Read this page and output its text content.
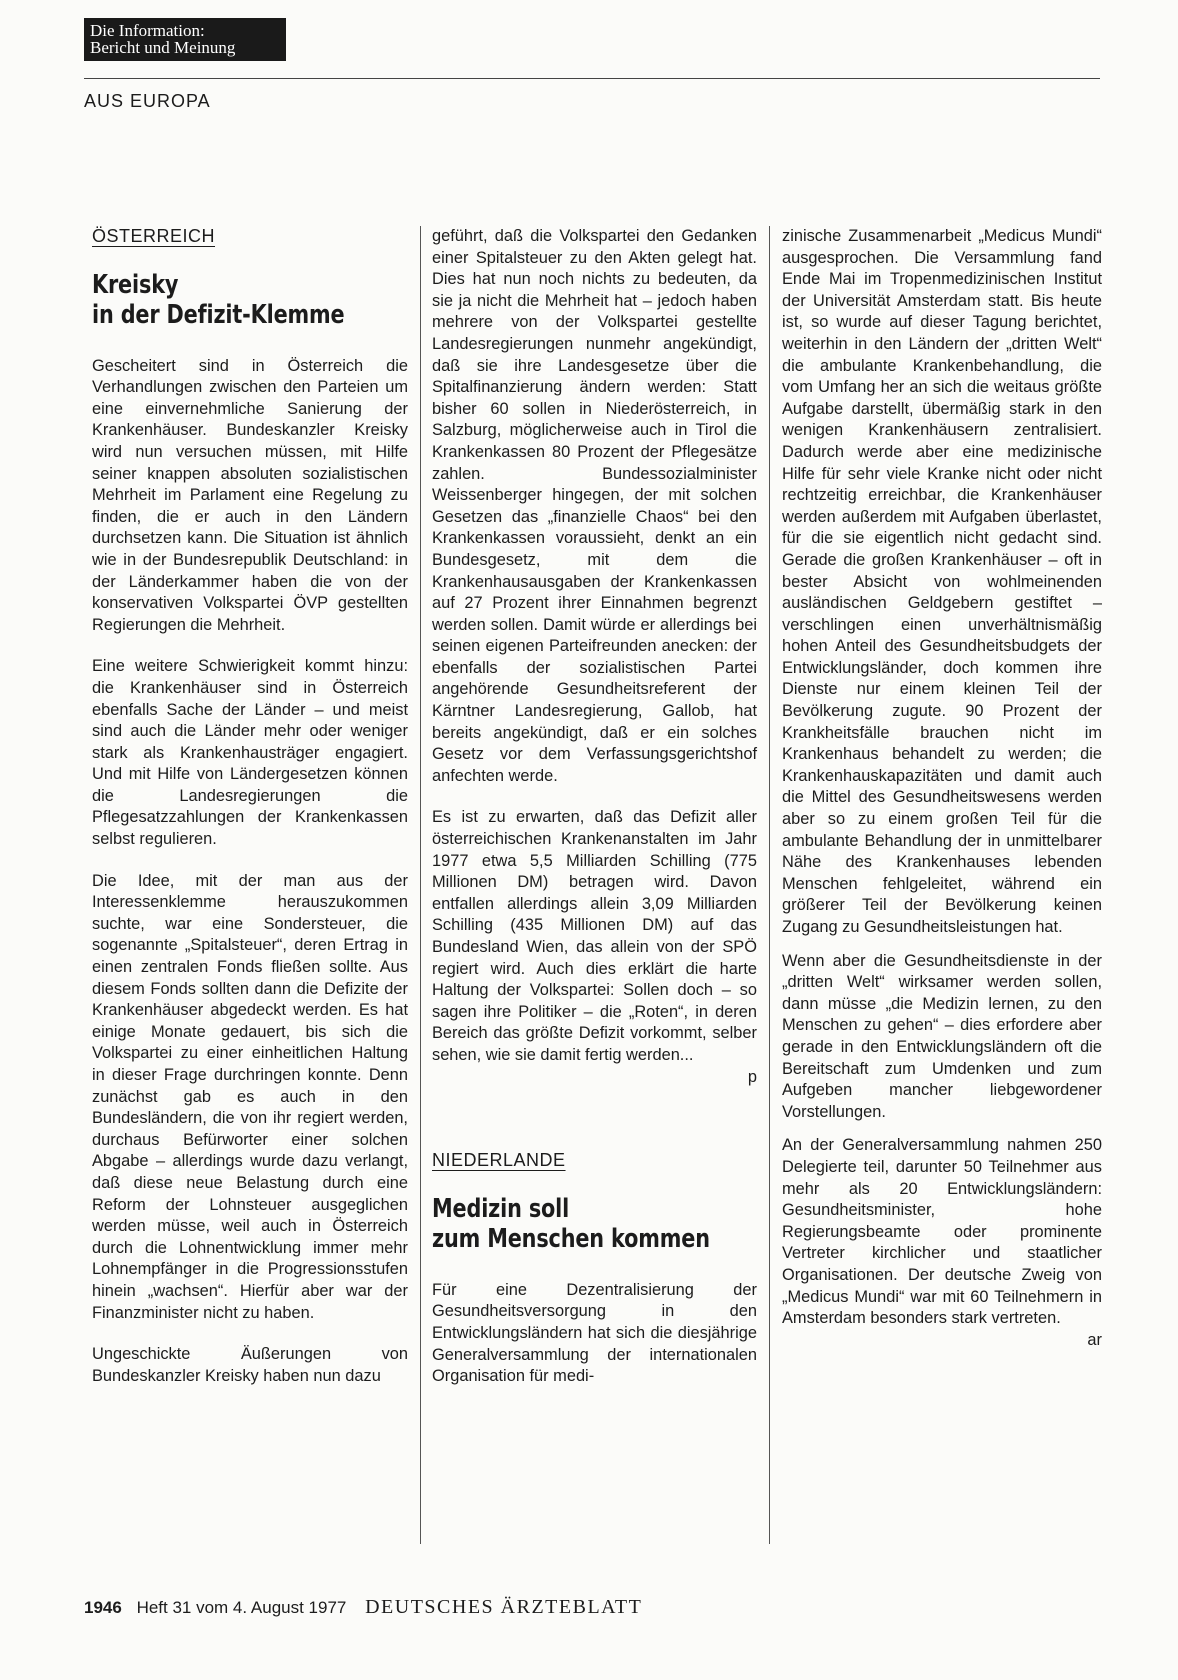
Die Information:
Bericht und Meinung
AUS EUROPA
ÖSTERREICH
Kreisky
in der Defizit-Klemme

Gescheitert sind in Österreich die Verhandlungen zwischen den Parteien um eine einvernehmliche Sanierung der Krankenhäuser. Bundeskanzler Kreisky wird nun versuchen müssen, mit Hilfe seiner knappen absoluten sozialistischen Mehrheit im Parlament eine Regelung zu finden, die er auch in den Ländern durchsetzen kann. Die Situation ist ähnlich wie in der Bundesrepublik Deutschland: in der Länderkammer haben die von der konservativen Volkspartei ÖVP gestellten Regierungen die Mehrheit.

Eine weitere Schwierigkeit kommt hinzu: die Krankenhäuser sind in Österreich ebenfalls Sache der Länder – und meist sind auch die Länder mehr oder weniger stark als Krankenhausträger engagiert. Und mit Hilfe von Ländergesetzen können die Landesregierungen die Pflegesatzzahlungen der Krankenkassen selbst regulieren.

Die Idee, mit der man aus der Interessenklemme herauszukommen suchte, war eine Sondersteuer, die sogenannte „Spitalsteuer“, deren Ertrag in einen zentralen Fonds fließen sollte. Aus diesem Fonds sollten dann die Defizite der Krankenhäuser abgedeckt werden. Es hat einige Monate gedauert, bis sich die Volkspartei zu einer einheitlichen Haltung in dieser Frage durchringen konnte. Denn zunächst gab es auch in den Bundesländern, die von ihr regiert werden, durchaus Befürworter einer solchen Abgabe – allerdings wurde dazu verlangt, daß diese neue Belastung durch eine Reform der Lohnsteuer ausgeglichen werden müsse, weil auch in Österreich durch die Lohnentwicklung immer mehr Lohnempfänger in die Progressionsstufen hinein „wachsen“. Hierfür aber war der Finanzminister nicht zu haben.

Ungeschickte Äußerungen von Bundeskanzler Kreisky haben nun dazu

geführt, daß die Volkspartei den Gedanken einer Spitalsteuer zu den Akten gelegt hat. Dies hat nun noch nichts zu bedeuten, da sie ja nicht die Mehrheit hat – jedoch haben mehrere von der Volkspartei gestellte Landesregierungen nunmehr angekündigt, daß sie ihre Landesgesetze über die Spitalfinanzierung ändern werden: Statt bisher 60 sollen in Niederösterreich, in Salzburg, möglicherweise auch in Tirol die Krankenkassen 80 Prozent der Pflegesätze zahlen. Bundessozialminister Weissenberger hingegen, der mit solchen Gesetzen das „finanzielle Chaos“ bei den Krankenkassen voraussieht, denkt an ein Bundesgesetz, mit dem die Krankenhausausgaben der Krankenkassen auf 27 Prozent ihrer Einnahmen begrenzt werden sollen. Damit würde er allerdings bei seinen eigenen Parteifreunden anecken: der ebenfalls der sozialistischen Partei angehörende Gesundheitsreferent der Kärntner Landesregierung, Gallob, hat bereits angekündigt, daß er ein solches Gesetz vor dem Verfassungsgerichtshof anfechten werde.

Es ist zu erwarten, daß das Defizit aller österreichischen Krankenanstalten im Jahr 1977 etwa 5,5 Milliarden Schilling (775 Millionen DM) betragen wird. Davon entfallen allerdings allein 3,09 Milliarden Schilling (435 Millionen DM) auf das Bundesland Wien, das allein von der SPÖ regiert wird. Auch dies erklärt die harte Haltung der Volkspartei: Sollen doch – so sagen ihre Politiker – die „Roten“, in deren Bereich das größte Defizit vorkommt, selber sehen, wie sie damit fertig werden...

p
NIEDERLANDE
Medizin soll
zum Menschen kommen

Für eine Dezentralisierung der Gesundheitsversorgung in den Entwicklungsländern hat sich die diesjährige Generalversammlung der internationalen Organisation für medi-

zinische Zusammenarbeit „Medicus Mundi“ ausgesprochen. Die Versammlung fand Ende Mai im Tropenmedizinischen Institut der Universität Amsterdam statt. Bis heute ist, so wurde auf dieser Tagung berichtet, weiterhin in den Ländern der „dritten Welt“ die ambulante Krankenbehandlung, die vom Umfang her an sich die weitaus größte Aufgabe darstellt, übermäßig stark in den wenigen Krankenhäusern zentralisiert. Dadurch werde aber eine medizinische Hilfe für sehr viele Kranke nicht oder nicht rechtzeitig erreichbar, die Krankenhäuser werden außerdem mit Aufgaben überlastet, für die sie eigentlich nicht gedacht sind. Gerade die großen Krankenhäuser – oft in bester Absicht von wohlmeinenden ausländischen Geldgebern gestiftet – verschlingen einen unverhältnismäßig hohen Anteil des Gesundheitsbudgets der Entwicklungsländer, doch kommen ihre Dienste nur einem kleinen Teil der Bevölkerung zugute. 90 Prozent der Krankheitsfälle brauchen nicht im Krankenhaus behandelt zu werden; die Krankenhauskapazitäten und damit auch die Mittel des Gesundheitswesens werden aber so zu einem großen Teil für die ambulante Behandlung der in unmittelbarer Nähe des Krankenhauses lebenden Menschen fehlgeleitet, während ein größerer Teil der Bevölkerung keinen Zugang zu Gesundheitsleistungen hat.

Wenn aber die Gesundheitsdienste in der „dritten Welt“ wirksamer werden sollen, dann müsse „die Medizin lernen, zu den Menschen zu gehen“ – dies erfordere aber gerade in den Entwicklungsländern oft die Bereitschaft zum Umdenken und zum Aufgeben mancher liebgewordener Vorstellungen.

An der Generalversammlung nahmen 250 Delegierte teil, darunter 50 Teilnehmer aus mehr als 20 Entwicklungsländern: Gesundheitsminister, hohe Regierungsbeamte oder prominente Vertreter kirchlicher und staatlicher Organisationen. Der deutsche Zweig von „Medicus Mundi“ war mit 60 Teilnehmern in Amsterdam besonders stark vertreten.

ar
1946 Heft 31 vom 4. August 1977 DEUTSCHES ÄRZTEBLATT
